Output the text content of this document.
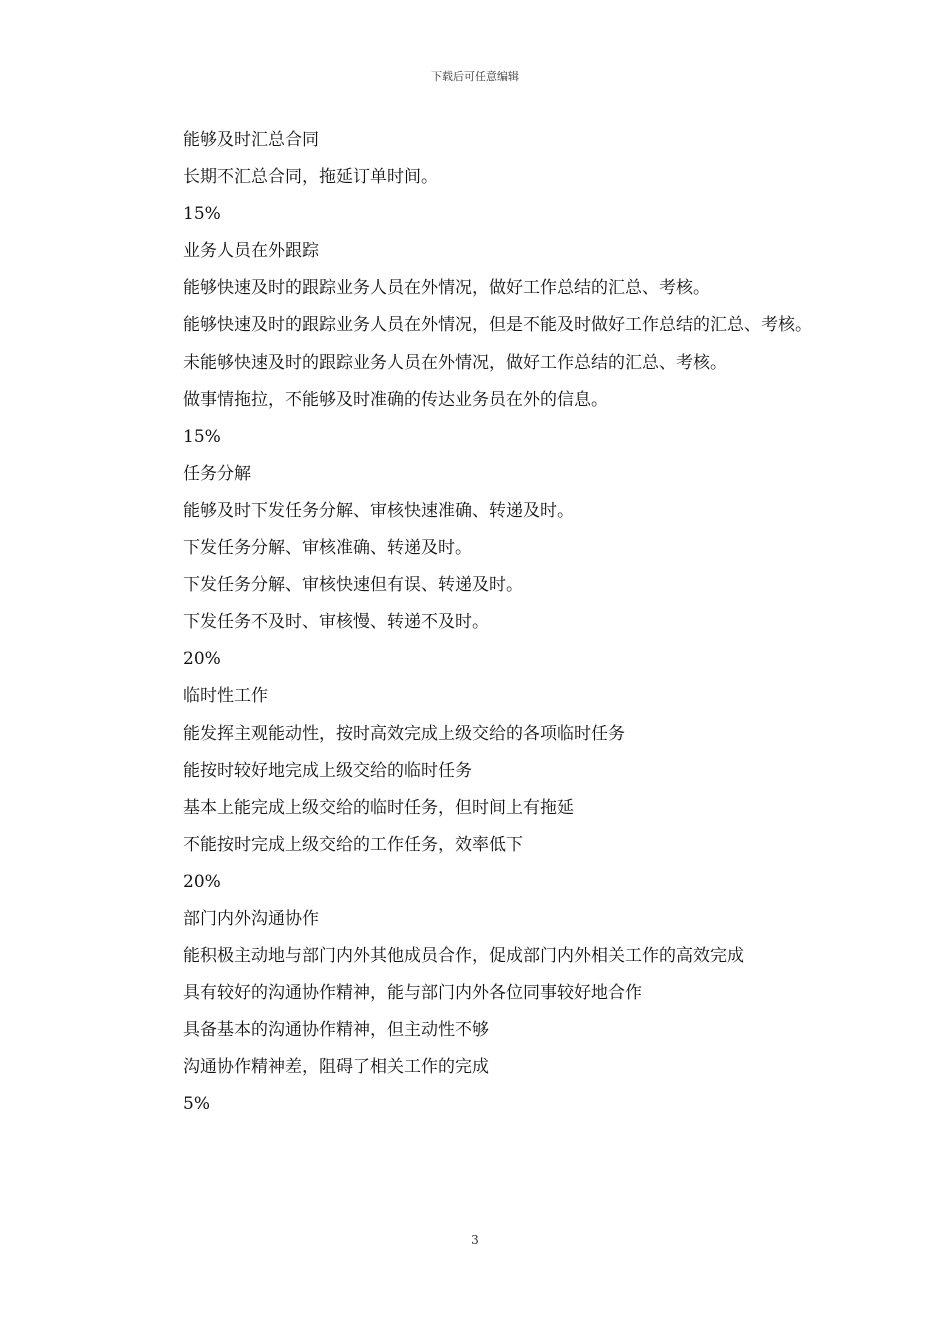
下载后可任意编辑

能够及时汇总合同

长期不汇总合同，拖延订单时间。

15%

业务人员在外跟踪

能够快速及时的跟踪业务人员在外情况，做好工作总结的汇总、考核。

能够快速及时的跟踪业务人员在外情况，但是不能及时做好工作总结的汇总、考核。

未能够快速及时的跟踪业务人员在外情况，做好工作总结的汇总、考核。

做事情拖拉，不能够及时准确的传达业务员在外的信息。

15%

任务分解

能够及时下发任务分解、审核快速准确、转递及时。

下发任务分解、审核准确、转递及时。

下发任务分解、审核快速但有误、转递及时。

下发任务不及时、审核慢、转递不及时。

20%

临时性工作

能发挥主观能动性，按时高效完成上级交给的各项临时任务

能按时较好地完成上级交给的临时任务

基本上能完成上级交给的临时任务，但时间上有拖延

不能按时完成上级交给的工作任务，效率低下

20%

部门内外沟通协作

能积极主动地与部门内外其他成员合作，促成部门内外相关工作的高效完成

具有较好的沟通协作精神，能与部门内外各位同事较好地合作

具备基本的沟通协作精神，但主动性不够

沟通协作精神差，阻碍了相关工作的完成

5%

3
